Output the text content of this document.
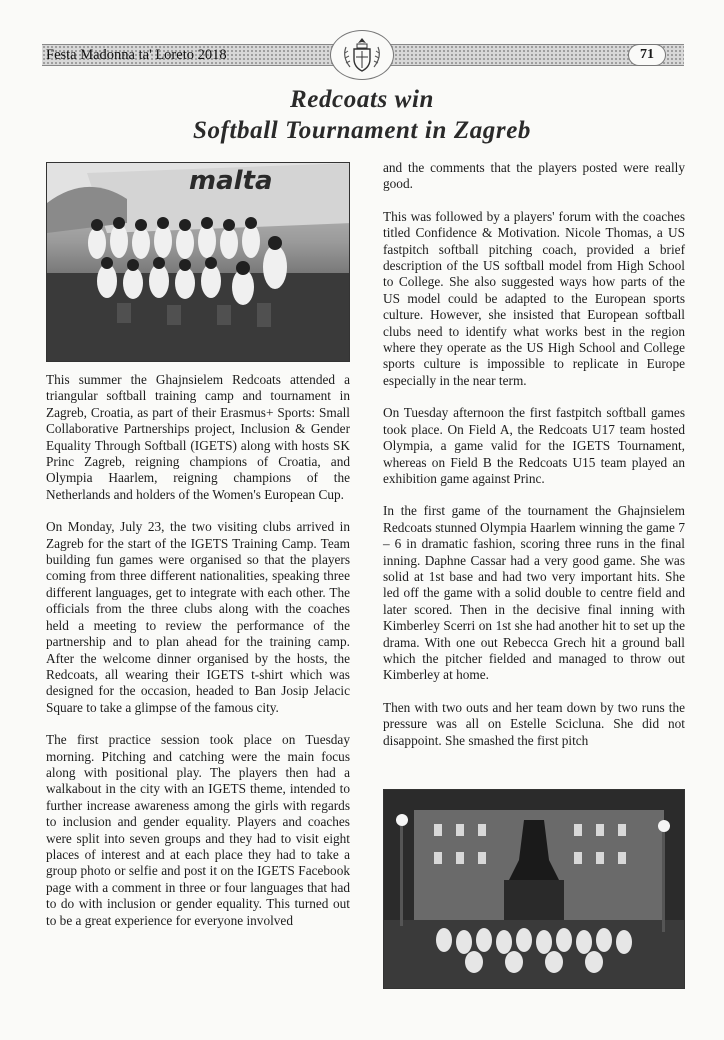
Festa Madonna ta' Loreto 2018	71
Redcoats win
Softball Tournament in Zagreb
malta

This summer the Ghajnsielem Redcoats attended a triangular softball training camp and tournament in Zagreb, Croatia, as part of their Erasmus+ Sports: Small Collaborative Partnerships project, Inclusion & Gender Equality Through Softball (IGETS) along with hosts SK Princ Zagreb, reigning champions of Croatia, and Olympia Haarlem, reigning champions of the Netherlands and holders of the Women's European Cup.

On Monday, July 23, the two visiting clubs arrived in Zagreb for the start of the IGETS Training Camp. Team building fun games were organised so that the players coming from three different nationalities, speaking three different languages, get to integrate with each other. The officials from the three clubs along with the coaches held a meeting to review the performance of the partnership and to plan ahead for the training camp. After the welcome dinner organised by the hosts, the Redcoats, all wearing their IGETS t-shirt which was designed for the occasion, headed to Ban Josip Jelacic Square to take a glimpse of the famous city.

The first practice session took place on Tuesday morning. Pitching and catching were the main focus along with positional play. The players then had a walkabout in the city with an IGETS theme, intended to further increase awareness among the girls with regards to inclusion and gender equality. Players and coaches were split into seven groups and they had to visit eight places of interest and at each place they had to take a group photo or selfie and post it on the IGETS Facebook page with a comment in three or four languages that had to do with inclusion or gender equality. This turned out to be a great experience for everyone involved

and the comments that the players posted were really good.

This was followed by a players' forum with the coaches titled Confidence & Motivation. Nicole Thomas, a US fastpitch softball pitching coach, provided a brief description of the US softball model from High School to College. She also suggested ways how parts of the US model could be adapted to the European sports culture. However, she insisted that European softball clubs need to identify what works best in the region where they operate as the US High School and College sports culture is impossible to replicate in Europe especially in the near term.

On Tuesday afternoon the first fastpitch softball games took place. On Field A, the Redcoats U17 team hosted Olympia, a game valid for the IGETS Tournament, whereas on Field B the Redcoats U15 team played an exhibition game against Princ.

In the first game of the tournament the Ghajnsielem Redcoats stunned Olympia Haarlem winning the game 7 – 6 in dramatic fashion, scoring three runs in the final inning. Daphne Cassar had a very good game. She was solid at 1st base and had two very important hits. She led off the game with a solid double to centre field and later scored. Then in the decisive final inning with Kimberley Scerri on 1st she had another hit to set up the drama. With one out Rebecca Grech hit a ground ball which the pitcher fielded and managed to throw out Kimberley at home.

Then with two outs and her team down by two runs the pressure was all on Estelle Scicluna. She did not disappoint. She smashed the first pitch
